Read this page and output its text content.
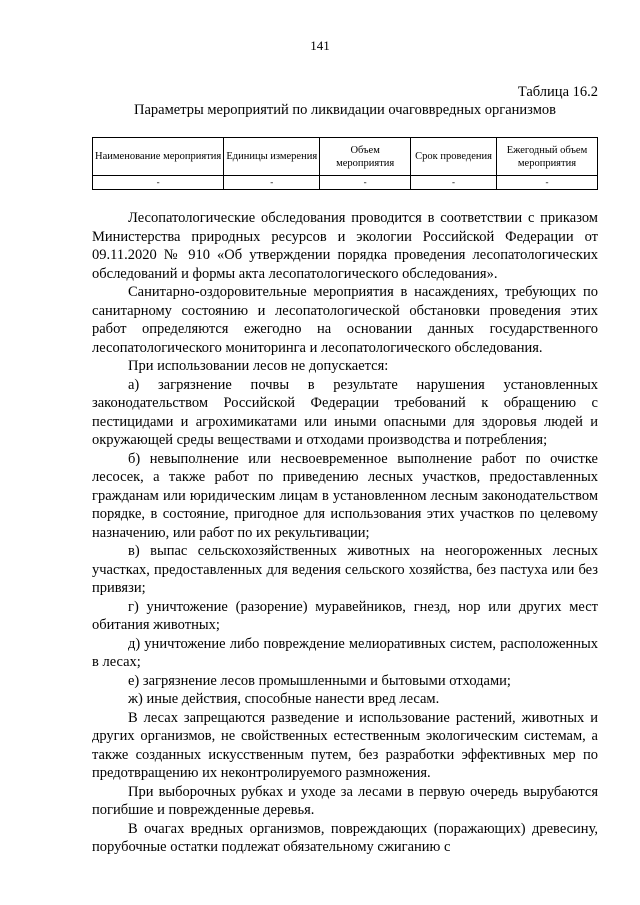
141
Таблица 16.2
Параметры мероприятий по ликвидации очагов​вредных организмов
Наименование мероприятия	Единицы измерения	Объем мероприятия	Срок проведения	Ежегодный объем мероприятия
-	-	-	-	-

Лесопатологические обследования проводится в соответствии с приказом Министерства природных ресурсов и экологии Российской Федерации от 09.11.2020 № 910 «Об утверждении порядка проведения лесопатологических обследований и формы акта лесопатологического обследования».

Санитарно-оздоровительные мероприятия в насаждениях, требующих по санитарному состоянию и лесопатологической обстановки проведения этих работ определяются ежегодно на основании данных государственного лесопатологического мониторинга и лесопатологического обследования.

При использовании лесов не допускается:

а) загрязнение почвы в результате нарушения установленных законодательством Российской Федерации требований к обращению с пестицидами и агрохимикатами или иными опасными для здоровья людей и окружающей среды веществами и отходами производства и потребления;

б) невыполнение или несвоевременное выполнение работ по очистке лесосек, а также работ по приведению лесных участков, предоставленных гражданам или юридическим лицам в установленном лесным законодательством порядке, в состояние, пригодное для использования этих участков по целевому назначению, или работ по их рекультивации;

в) выпас сельскохозяйственных животных на неогороженных лесных участках, предоставленных для ведения сельского хозяйства, без пастуха или без привязи;

г) уничтожение (разорение) муравейников, гнезд, нор или других мест обитания животных;

д) уничтожение либо повреждение мелиоративных систем, расположенных в лесах;

е) загрязнение лесов промышленными и бытовыми отходами;

ж) иные действия, способные нанести вред лесам.

В лесах запрещаются разведение и использование растений, животных и других организмов, не свойственных естественным экологическим системам, а также созданных искусственным путем, без разработки эффективных мер по предотвращению их неконтролируемого размножения.

При выборочных рубках и уходе за лесами в первую очередь вырубаются погибшие и поврежденные деревья.

В очагах вредных организмов, повреждающих (поражающих) древесину, порубочные остатки подлежат обязательному сжиганию с
